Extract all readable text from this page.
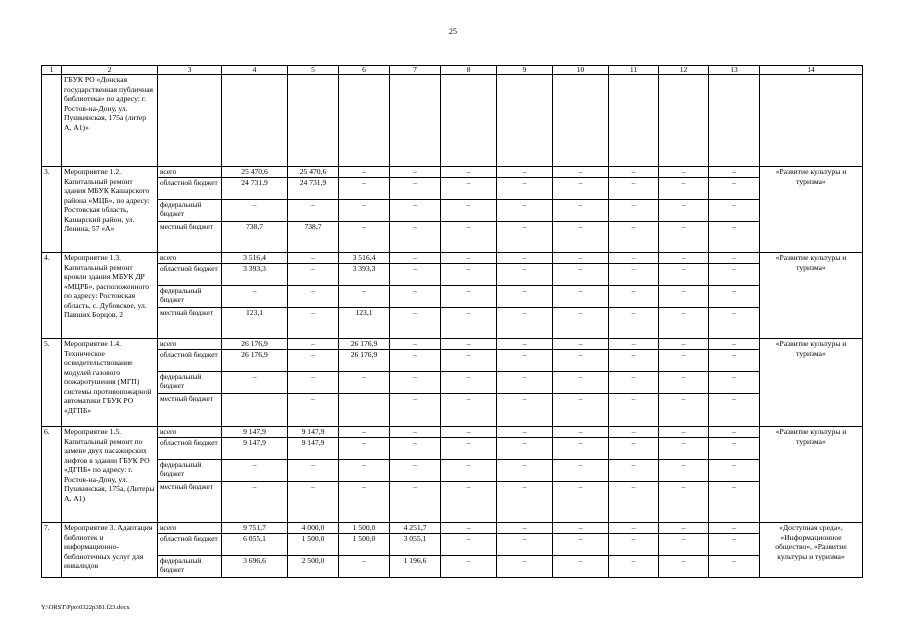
25
1	2	3	4	5	6	7	8	9	10	11	12	13	14
	ГБУК РО «Донская государственная публичная библиотека» по адресу: г. Ростов-на-Дону, ул. Пушкинская, 175а (литер А, А1)»												
3.	Мероприятие 1.2. Капитальный ремонт здания МБУК Кашарского района «МЦБ», по адресу: Ростовская область, Кашарский район, ул. Ленина, 57 «А»	всего	25 470,6	25 470,6	–	–	–	–	–	–	–	–	«Развитие культуры и туризма»
		областной бюджет	24 731,9	24 731,9	–	–	–	–	–	–	–	–	
		федеральный бюджет	–	–	–	–	–	–	–	–	–	–	
		местный бюджет	738,7	738,7	–	–	–	–	–	–	–	–	
4.	Мероприятие 1.3. Капитальный ремонт кровли здания МБУК ДР «МЦРБ», расположенного по адресу: Ростовская область, с. Дубовское, ул. Павших Борцов, 2	всего	3 516,4	–	3 516,4	–	–	–	–	–	–	–	«Развитие культуры и туризма»
		областной бюджет	3 393,3	–	3 393,3	–	–	–	–	–	–	–	
		федеральный бюджет	–	–	–	–	–	–	–	–	–	–	
		местный бюджет	123,1	–	123,1	–	–	–	–	–	–	–	
5.	Мероприятие 1.4. Техническое освидетельствование модулей газового пожаротушения (МГП) системы противопожарной автоматики ГБУК РО «ДГПБ»	всего	26 176,9	–	26 176,9	–	–	–	–	–	–	–	«Развитие культуры и туризма»
		областной бюджет	26 176,9	–	26 176,9	–	–	–	–	–	–	–	
		федеральный бюджет	–	–	–	–	–	–	–	–	–	–	
		местный бюджет		–		–	–	–	–	–	–	–	
6.	Мероприятие 1.5. Капитальный ремонт по замене двух пасажирских лифтов в здании ГБУК РО «ДГПБ» по адресу: г. Ростов-на-Дону, ул. Пушкинская, 175а, (Литеры А, А1)	всего	9 147,9	9 147,9	–	–	–	–	–	–	–	–	«Развитие культуры и туризма»
		областной бюджет	9 147,9	9 147,9	–	–	–	–	–	–	–	–	
		федеральный бюджет	–	–	–	–	–	–	–	–	–	–	
		местный бюджет	–	–	–	–	–	–	–	–	–	–	
7.	Мероприятие 3. Адаптация библиотек и информационно-библиотечных услуг для инвалидов	всего	9 751,7	4 000,0	1 500,0	4 251,7	–	–	–	–	–	–	«Доступная среда», «Информационное общество», «Развитие культуры и туризма»
		областной бюджет	6 055,1	1 500,0	1 500,0	3 055,1	–	–	–	–	–	–	
		федеральный бюджет	3 696,6	2 500,0	–	1 196,6	–	–	–	–	–	–	
Y:\ORST\Ppo\0322p381.f23.docx
